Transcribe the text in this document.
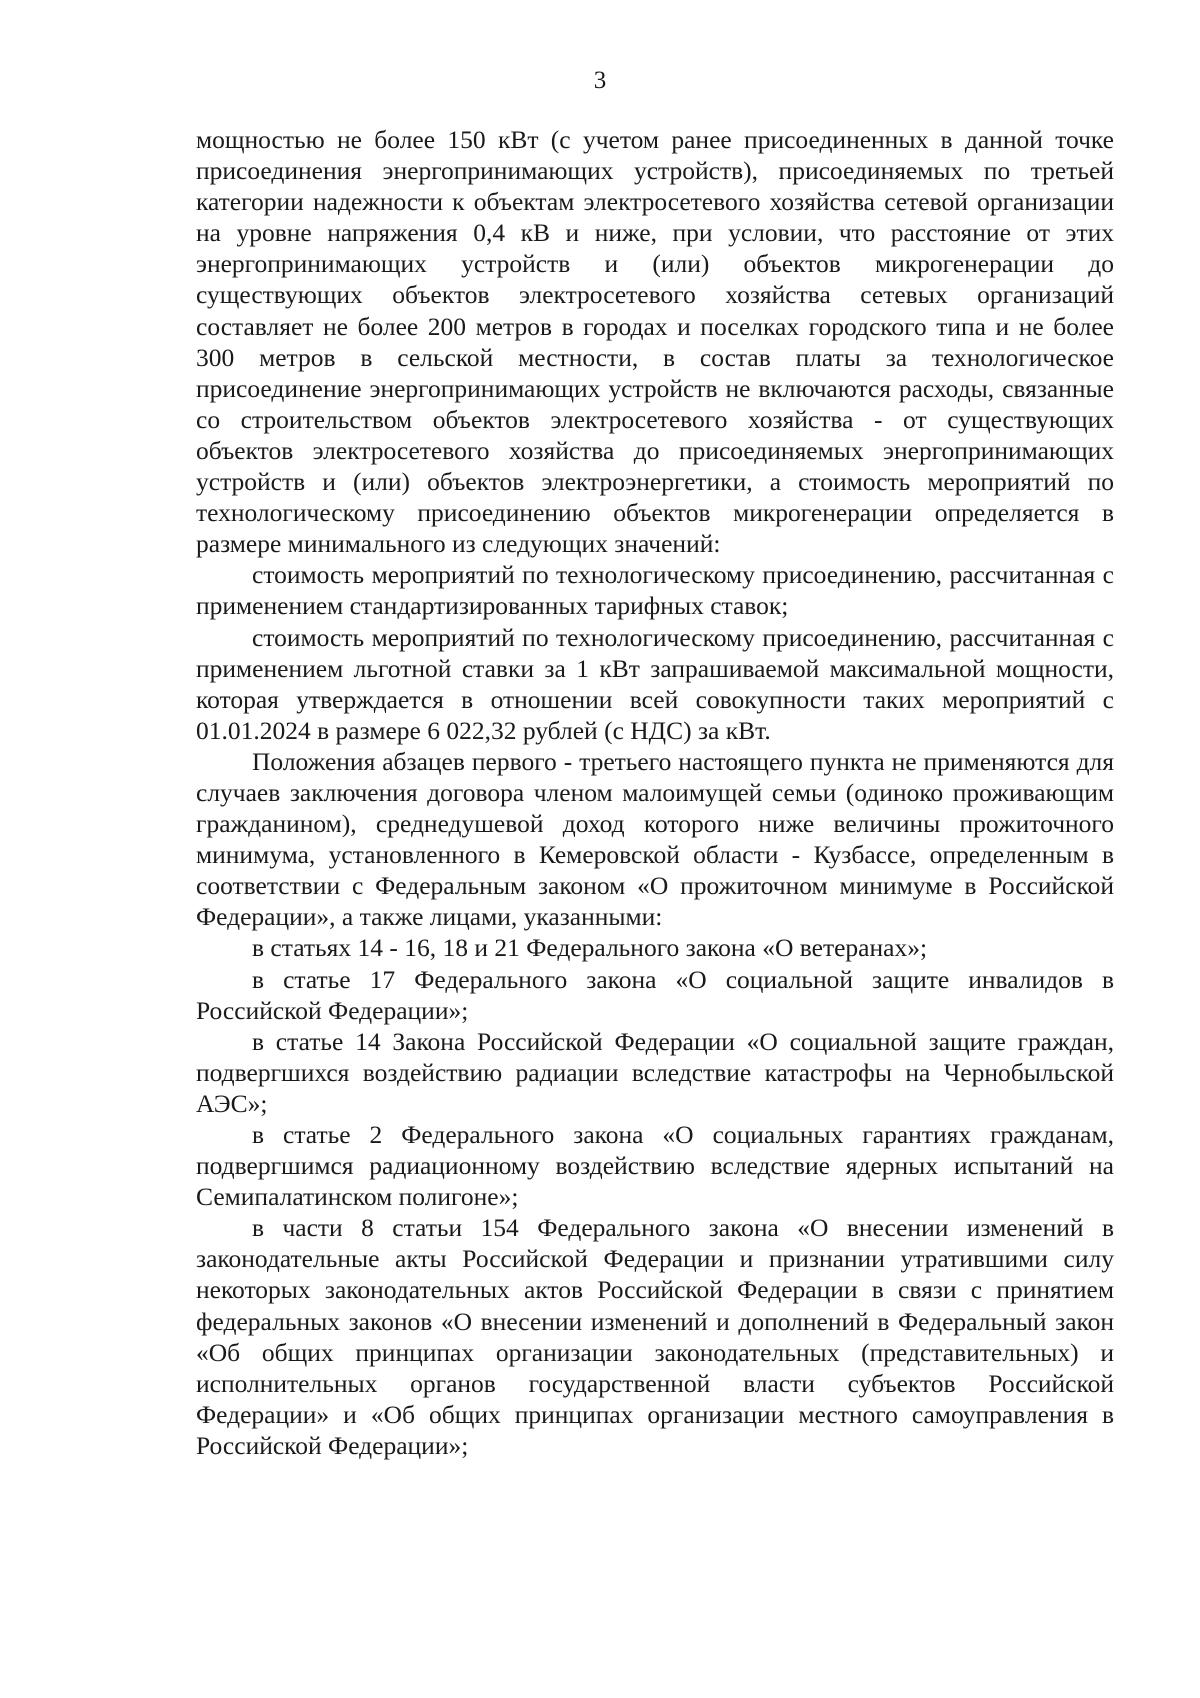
3

мощностью не более 150 кВт (с учетом ранее присоединенных в данной точке присоединения энергопринимающих устройств), присоединяемых по третьей категории надежности к объектам электросетевого хозяйства сетевой организации на уровне напряжения 0,4 кВ и ниже, при условии, что расстояние от этих энергопринимающих устройств и (или) объектов микрогенерации до существующих объектов электросетевого хозяйства сетевых организаций составляет не более 200 метров в городах и поселках городского типа и не более 300 метров в сельской местности, в состав платы за технологическое присоединение энергопринимающих устройств не включаются расходы, связанные со строительством объектов электросетевого хозяйства - от существующих объектов электросетевого хозяйства до присоединяемых энергопринимающих устройств и (или) объектов электроэнергетики, а стоимость мероприятий по технологическому присоединению объектов микрогенерации определяется в размере минимального из следующих значений:

стоимость мероприятий по технологическому присоединению, рассчитанная с применением стандартизированных тарифных ставок;

стоимость мероприятий по технологическому присоединению, рассчитанная с применением льготной ставки за 1 кВт запрашиваемой максимальной мощности, которая утверждается в отношении всей совокупности таких мероприятий с 01.01.2024 в размере 6 022,32 рублей (с НДС) за кВт.

Положения абзацев первого - третьего настоящего пункта не применяются для случаев заключения договора членом малоимущей семьи (одиноко проживающим гражданином), среднедушевой доход которого ниже величины прожиточного минимума, установленного в Кемеровской области - Кузбассе, определенным в соответствии с Федеральным законом «О прожиточном минимуме в Российской Федерации», а также лицами, указанными:

в статьях 14 - 16, 18 и 21 Федерального закона «О ветеранах»;

в статье 17 Федерального закона «О социальной защите инвалидов в Российской Федерации»;

в статье 14 Закона Российской Федерации «О социальной защите граждан, подвергшихся воздействию радиации вследствие катастрофы на Чернобыльской АЭС»;

в статье 2 Федерального закона «О социальных гарантиях гражданам, подвергшимся радиационному воздействию вследствие ядерных испытаний на Семипалатинском полигоне»;

в части 8 статьи 154 Федерального закона «О внесении изменений в законодательные акты Российской Федерации и признании утратившими силу некоторых законодательных актов Российской Федерации в связи с принятием федеральных законов «О внесении изменений и дополнений в Федеральный закон «Об общих принципах организации законодательных (представительных) и исполнительных органов государственной власти субъектов Российской Федерации» и «Об общих принципах организации местного самоуправления в Российской Федерации»;
